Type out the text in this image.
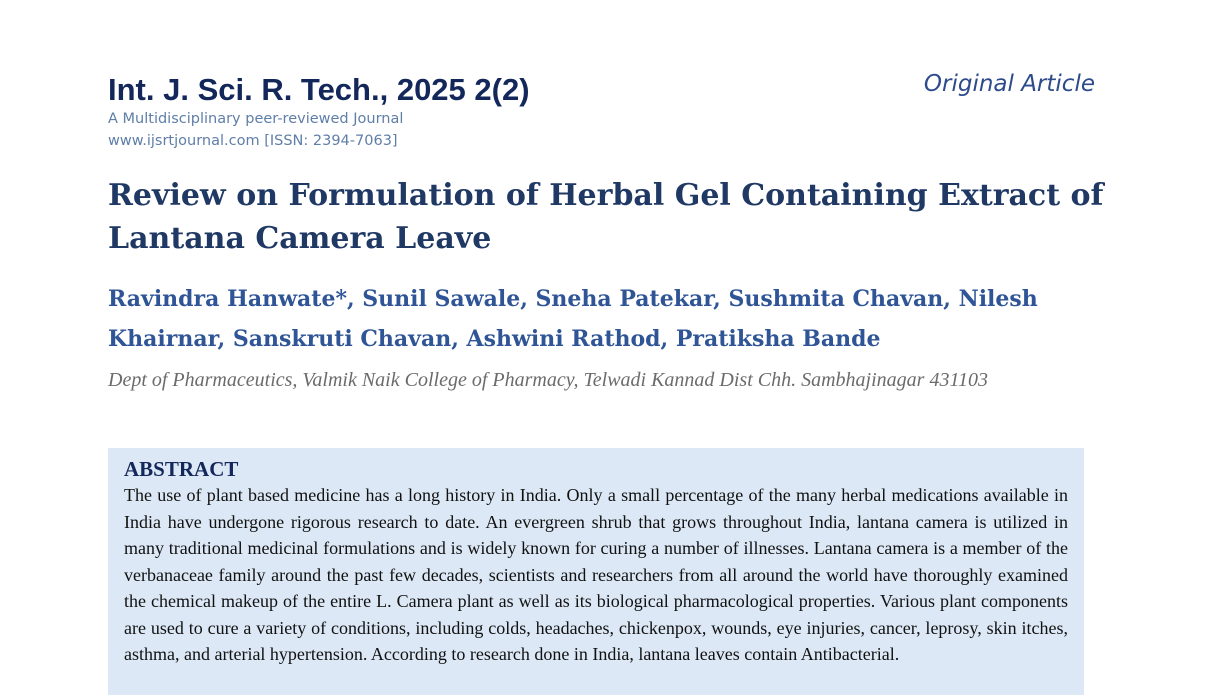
Int. J. Sci. R. Tech., 2025 2(2)	Original Article
A Multidisciplinary peer-reviewed Journal
www.ijsrtjournal.com [ISSN: 2394-7063]
Review on Formulation of Herbal Gel Containing Extract of Lantana Camera Leave
Ravindra Hanwate*, Sunil Sawale, Sneha Patekar, Sushmita Chavan, Nilesh Khairnar, Sanskruti Chavan, Ashwini Rathod, Pratiksha Bande
Dept of Pharmaceutics, Valmik Naik College of Pharmacy, Telwadi Kannad Dist Chh. Sambhajinagar 431103
ABSTRACT

The use of plant based medicine has a long history in India. Only a small percentage of the many herbal medications available in India have undergone rigorous research to date. An evergreen shrub that grows throughout India, lantana camera is utilized in many traditional medicinal formulations and is widely known for curing a number of illnesses. Lantana camera is a member of the verbanaceae family around the past few decades, scientists and researchers from all around the world have thoroughly examined the chemical makeup of the entire L. Camera plant as well as its biological pharmacological properties. Various plant components are used to cure a variety of conditions, including colds, headaches, chickenpox, wounds, eye injuries, cancer, leprosy, skin itches, asthma, and arterial hypertension. According to research done in India, lantana leaves contain Antibacterial.
